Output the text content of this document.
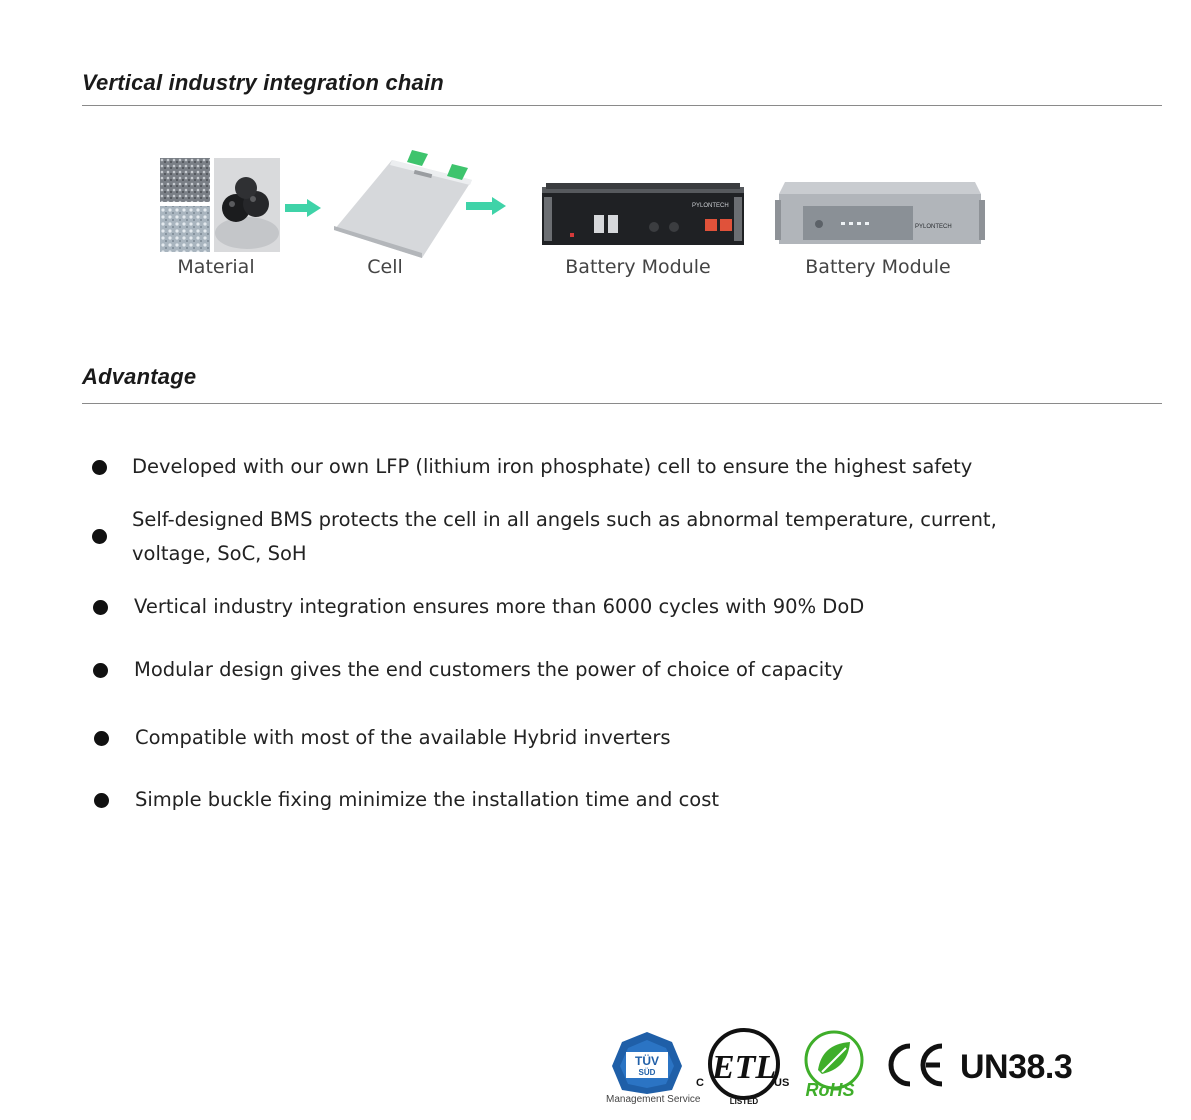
Vertical industry integration chain
Material	Cell
PYLONTECH
Battery Module
PYLONTECH
Battery Module
Advantage
Developed with our own LFP (lithium iron phosphate) cell to ensure the highest safety
Self-designed BMS protects the cell in all angels such as abnormal temperature, current,
voltage, SoC, SoH
Vertical industry integration ensures more than 6000 cycles with 90% DoD
Modular design gives the end customers the power of choice of capacity
Compatible with most of the available Hybrid inverters
Simple buckle fixing minimize the installation time and cost
TÜV
SÜD
Management Service
ETL
C	US
LISTED
RoHS
UN38.3
